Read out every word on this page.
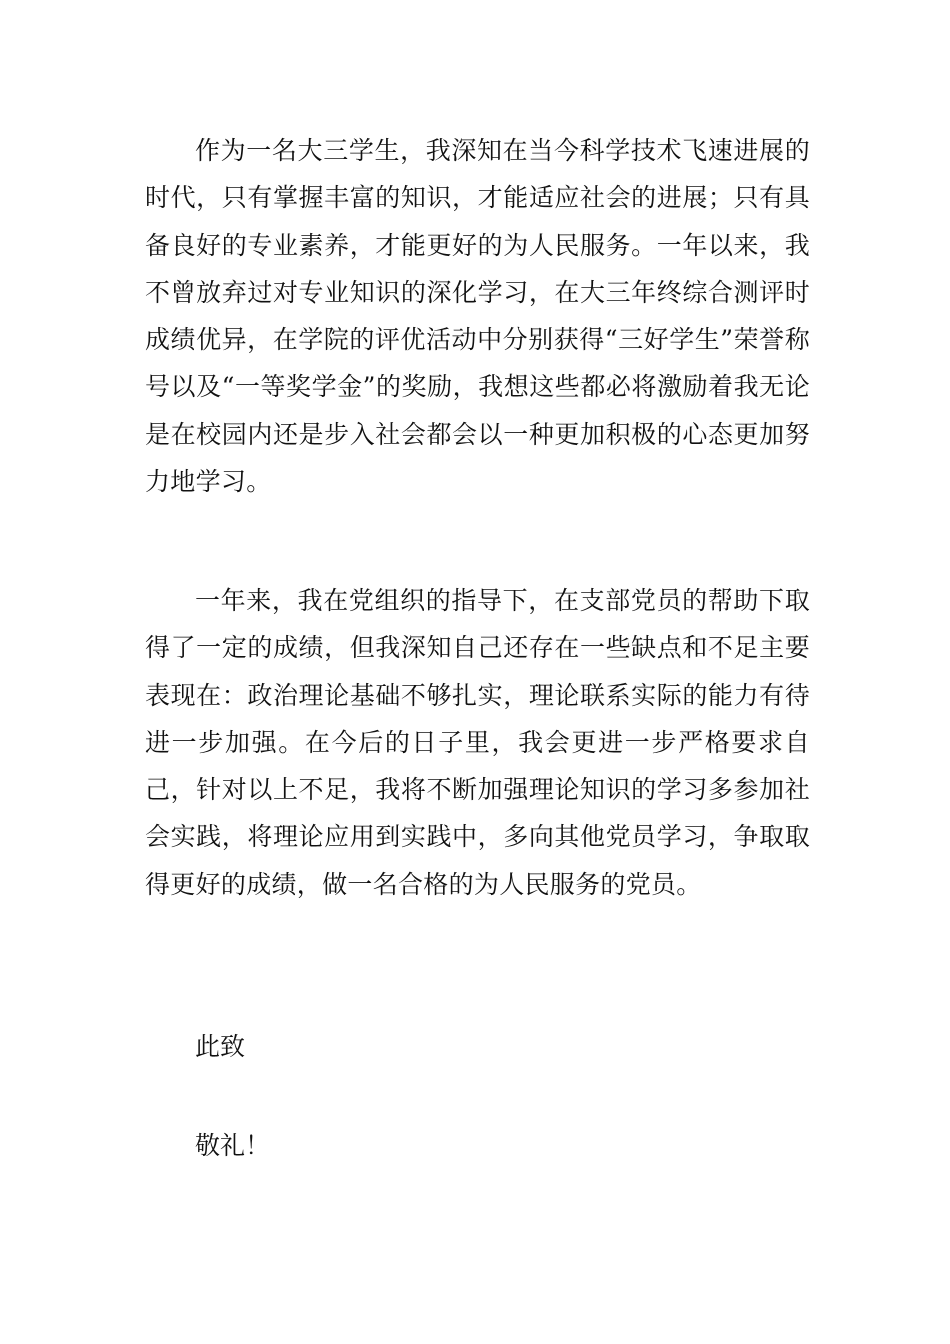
作为一名大三学生，我深知在当今科学技术飞速进展的时代，只有掌握丰富的知识，才能适应社会的进展；只有具备良好的专业素养，才能更好的为人民服务。一年以来，我不曾放弃过对专业知识的深化学习，在大三年终综合测评时成绩优异，在学院的评优活动中分别获得“三好学生”荣誉称号以及“一等奖学金”的奖励，我想这些都必将激励着我无论是在校园内还是步入社会都会以一种更加积极的心态更加努力地学习。

一年来，我在党组织的指导下，在支部党员的帮助下取得了一定的成绩，但我深知自己还存在一些缺点和不足主要表现在：政治理论基础不够扎实，理论联系实际的能力有待进一步加强。在今后的日子里，我会更进一步严格要求自己，针对以上不足，我将不断加强理论知识的学习多参加社会实践，将理论应用到实践中，多向其他党员学习，争取取得更好的成绩，做一名合格的为人民服务的党员。

此致

敬礼！
